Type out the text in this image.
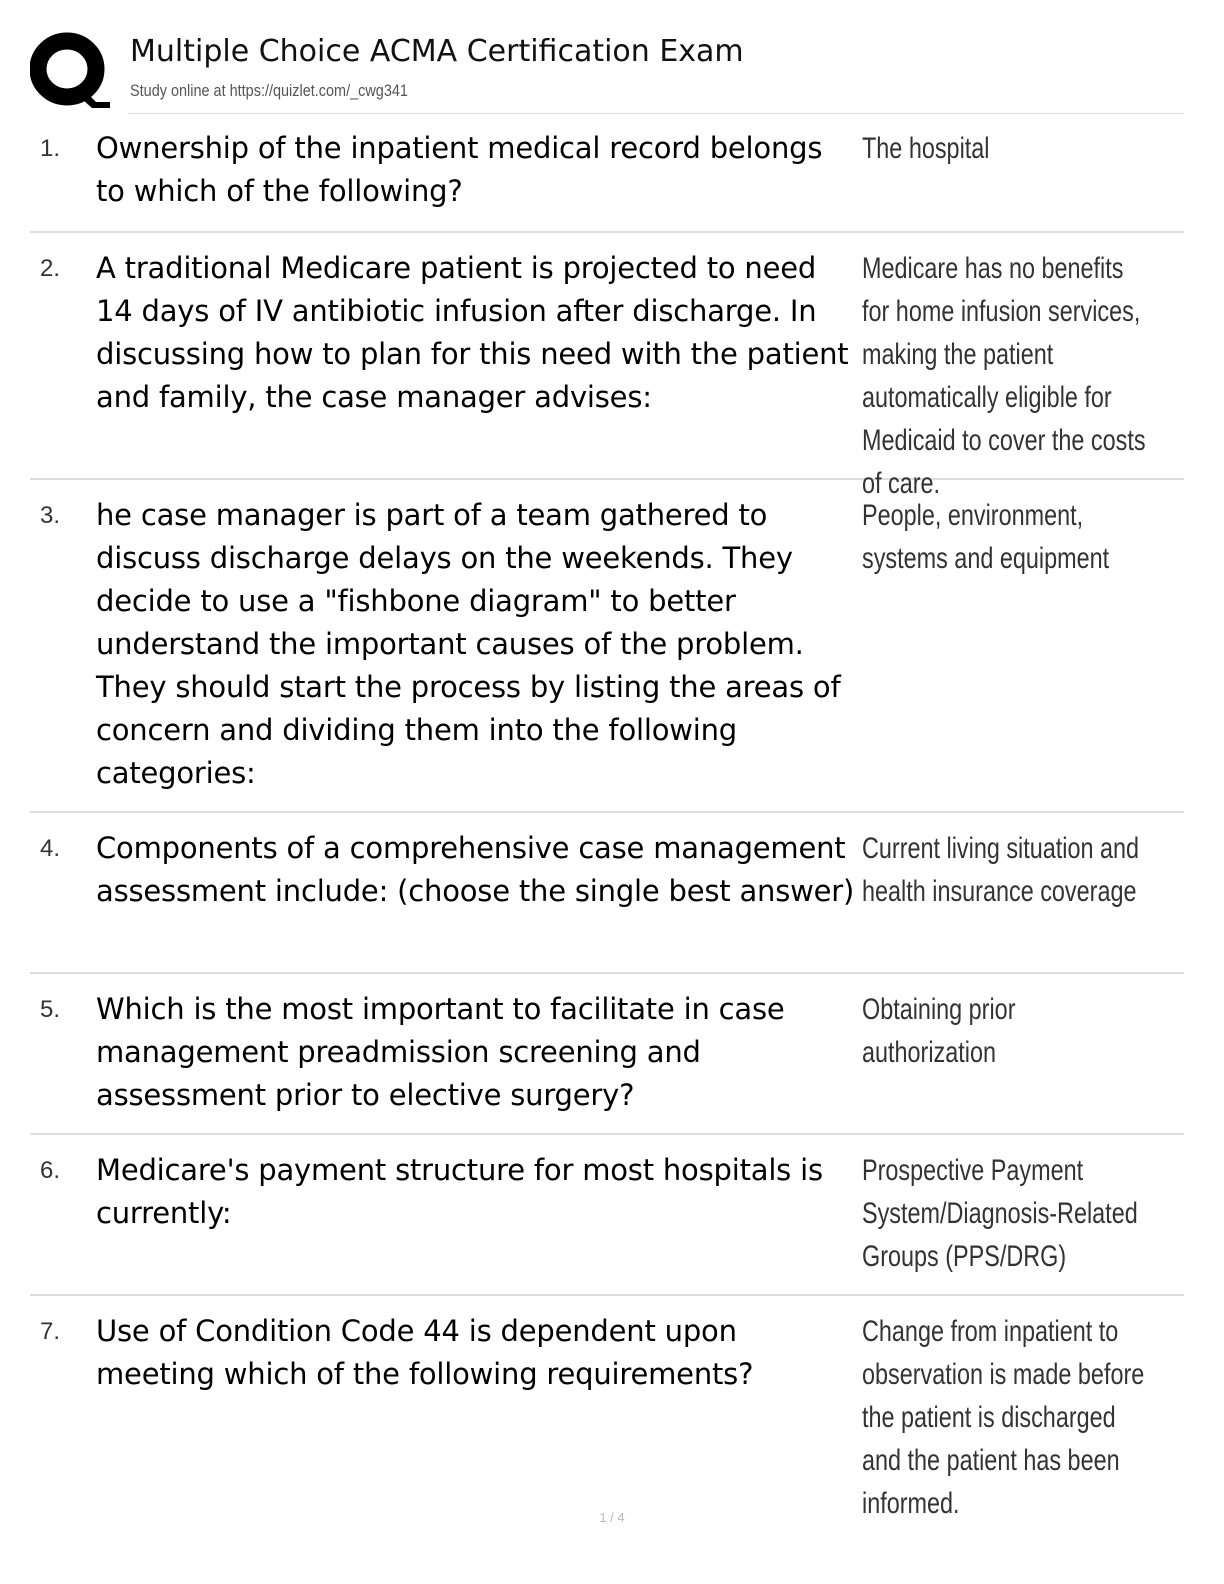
Multiple Choice ACMA Certification Exam
Study online at https://quizlet.com/_cwg341
1. Ownership of the inpatient medical record belongs to which of the following?
The hospital
2. A traditional Medicare patient is projected to need 14 days of IV antibiotic infusion after discharge. In discussing how to plan for this need with the patient and family, the case manager advises:
Medicare has no benefits for home infusion services, making the patient automatically eligible for Medicaid to cover the costs of care.
3. he case manager is part of a team gathered to discuss discharge delays on the weekends. They decide to use a "fishbone diagram" to better understand the important causes of the problem. They should start the process by listing the areas of concern and dividing them into the following categories:
People, environment, systems and equipment
4. Components of a comprehensive case management assessment include: (choose the single best answer)
Current living situation and health insurance coverage
5. Which is the most important to facilitate in case management preadmission screening and assessment prior to elective surgery?
Obtaining prior authorization
6. Medicare's payment structure for most hospitals is currently:
Prospective Payment System/Diagnosis-Related Groups (PPS/DRG)
7. Use of Condition Code 44 is dependent upon meeting which of the following requirements?
Change from inpatient to observation is made before the patient is discharged and the patient has been informed.
1 / 4
